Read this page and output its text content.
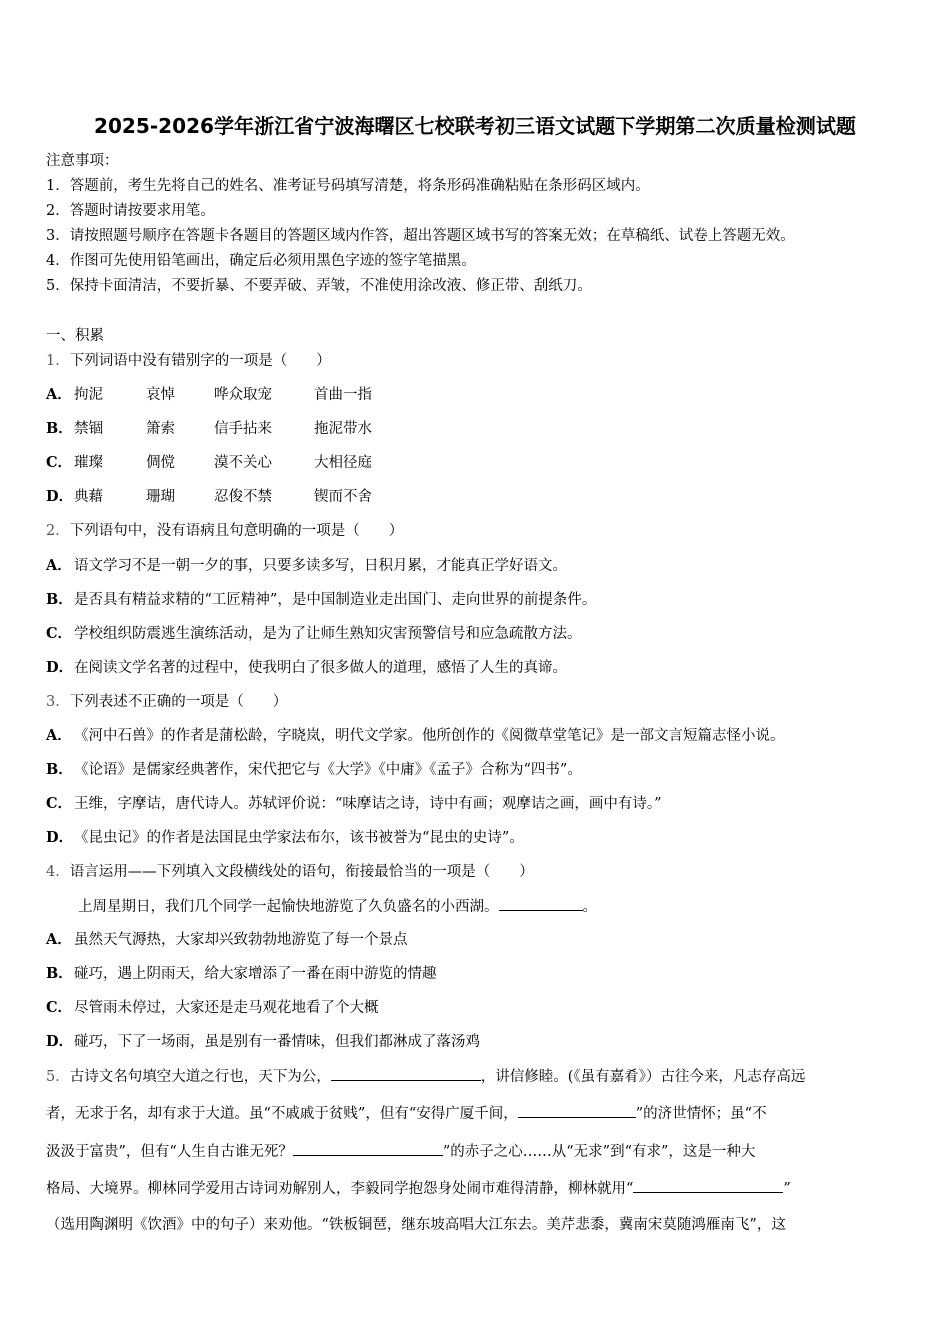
2025-2026学年浙江省宁波海曙区七校联考初三语文试题下学期第二次质量检测试题
注意事项：
1．答题前，考生先将自己的姓名、准考证号码填写清楚，将条形码准确粘贴在条形码区域内。
2．答题时请按要求用笔。
3．请按照题号顺序在答题卡各题目的答题区域内作答，超出答题区域书写的答案无效；在草稿纸、试卷上答题无效。
4．作图可先使用铅笔画出，确定后必须用黑色字迹的签字笔描黑。
5．保持卡面清洁，不要折暴、不要弄破、弄皱，不准使用涂改液、修正带、刮纸刀。
一、积累
1．下列词语中没有错别字的一项是（　　）
A． 拘泥	哀悼	哗众取宠	首曲一指
B．禁锢	箫索	信手拈来	拖泥带水
C． 璀璨	倜傥	漠不关心	大相径庭
D．典藉	珊瑚	忍俊不禁	锲而不舍
2．下列语句中，没有语病且句意明确的一项是（　　）
A． 语文学习不是一朝一夕的事，只要多读多写，日积月累，才能真正学好语文。
B．是否具有精益求精的“工匠精神”，是中国制造业走出国门、走向世界的前提条件。
C． 学校组织防震逃生演练活动，是为了让师生熟知灾害预警信号和应急疏散方法。
D．在阅读文学名著的过程中，使我明白了很多做人的道理，感悟了人生的真谛。
3．下列表述不正确的一项是（　　）
A． 《河中石兽》的作者是蒲松龄，字晓岚，明代文学家。他所创作的《阅微草堂笔记》是一部文言短篇志怪小说。
B．《论语》是儒家经典著作，宋代把它与《大学》《中庸》《孟子》合称为“四书”。
C． 王维，字摩诘，唐代诗人。苏轼评价说：“味摩诘之诗，诗中有画；观摩诘之画，画中有诗。”
D．《昆虫记》的作者是法国昆虫学家法布尔，该书被誉为“昆虫的史诗”。
4．语言运用——下列填入文段横线处的语句，衔接最恰当的一项是（　　）
上周星期日，我们几个同学一起愉快地游览了久负盛名的小西湖。	。
A． 虽然天气溽热，大家却兴致勃勃地游览了每一个景点
B．碰巧，遇上阴雨天，给大家增添了一番在雨中游览的情趣
C． 尽管雨未停过，大家还是走马观花地看了个大概
D．碰巧，下了一场雨，虽是别有一番情味，但我们都淋成了落汤鸡
5．古诗文名句填空大道之行也，天下为公，	，讲信修睦。(《虽有嘉肴》）古往今来，凡志存高远
者，无求于名，却有求于大道。虽“不戚戚于贫贱”，但有“安得广厦千间，	”的济世情怀；虽“不
汲汲于富贵”，但有“人生自古谁无死？	”的赤子之心……从“无求”到“有求”，这是一种大
格局、大境界。柳林同学爱用古诗词劝解别人，李毅同学抱怨身处闹市难得清静，柳林就用“	”
（选用陶渊明《饮酒》中的句子）来劝他。“铁板铜琶，继东坡高唱大江东去。美芹悲黍，冀南宋莫随鸿雁南飞”，这
